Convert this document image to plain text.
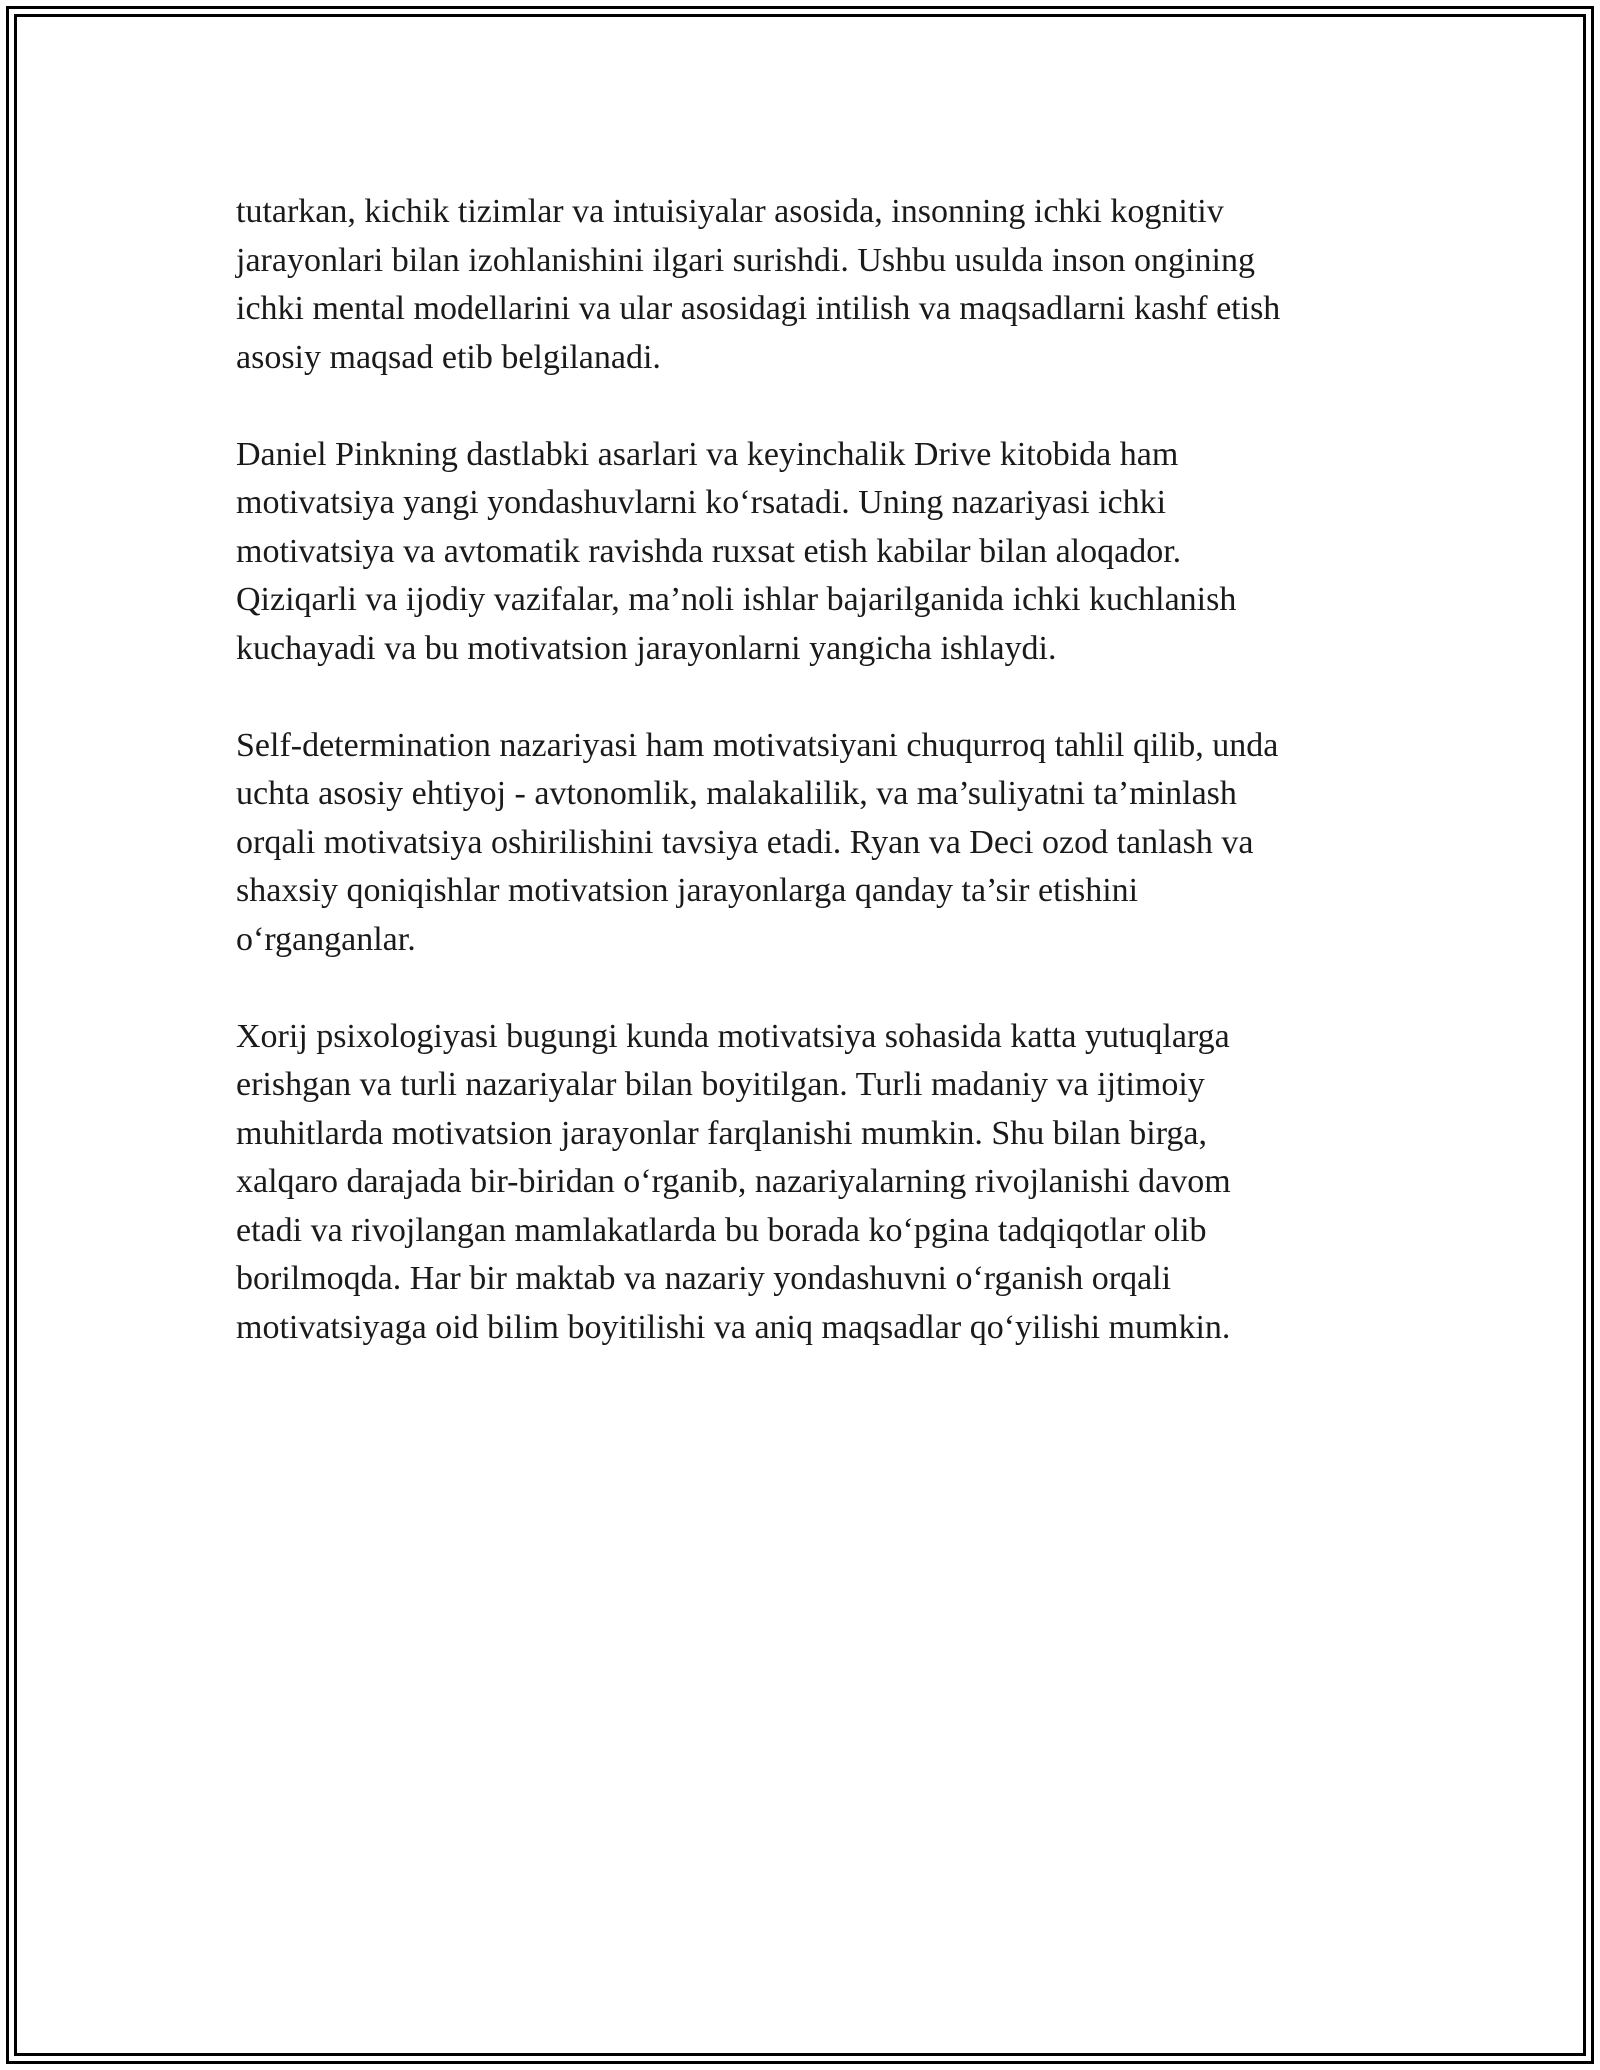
tutarkan, kichik tizimlar va intuisiyalar asosida, insonning ichki kognitiv
jarayonlari bilan izohlanishini ilgari surishdi. Ushbu usulda inson ongining
ichki mental modellarini va ular asosidagi intilish va maqsadlarni kashf etish
asosiy maqsad etib belgilanadi.

Daniel Pinkning dastlabki asarlari va keyinchalik Drive kitobida ham
motivatsiya yangi yondashuvlarni ko‘rsatadi. Uning nazariyasi ichki
motivatsiya va avtomatik ravishda ruxsat etish kabilar bilan aloqador.
Qiziqarli va ijodiy vazifalar, ma’noli ishlar bajarilganida ichki kuchlanish
kuchayadi va bu motivatsion jarayonlarni yangicha ishlaydi.

Self-determination nazariyasi ham motivatsiyani chuqurroq tahlil qilib, unda
uchta asosiy ehtiyoj - avtonomlik, malakalilik, va ma’suliyatni ta’minlash
orqali motivatsiya oshirilishini tavsiya etadi. Ryan va Deci ozod tanlash va
shaxsiy qoniqishlar motivatsion jarayonlarga qanday ta’sir etishini
o‘rganganlar.

Xorij psixologiyasi bugungi kunda motivatsiya sohasida katta yutuqlarga
erishgan va turli nazariyalar bilan boyitilgan. Turli madaniy va ijtimoiy
muhitlarda motivatsion jarayonlar farqlanishi mumkin. Shu bilan birga,
xalqaro darajada bir-biridan o‘rganib, nazariyalarning rivojlanishi davom
etadi va rivojlangan mamlakatlarda bu borada ko‘pgina tadqiqotlar olib
borilmoqda. Har bir maktab va nazariy yondashuvni o‘rganish orqali
motivatsiyaga oid bilim boyitilishi va aniq maqsadlar qo‘yilishi mumkin.
